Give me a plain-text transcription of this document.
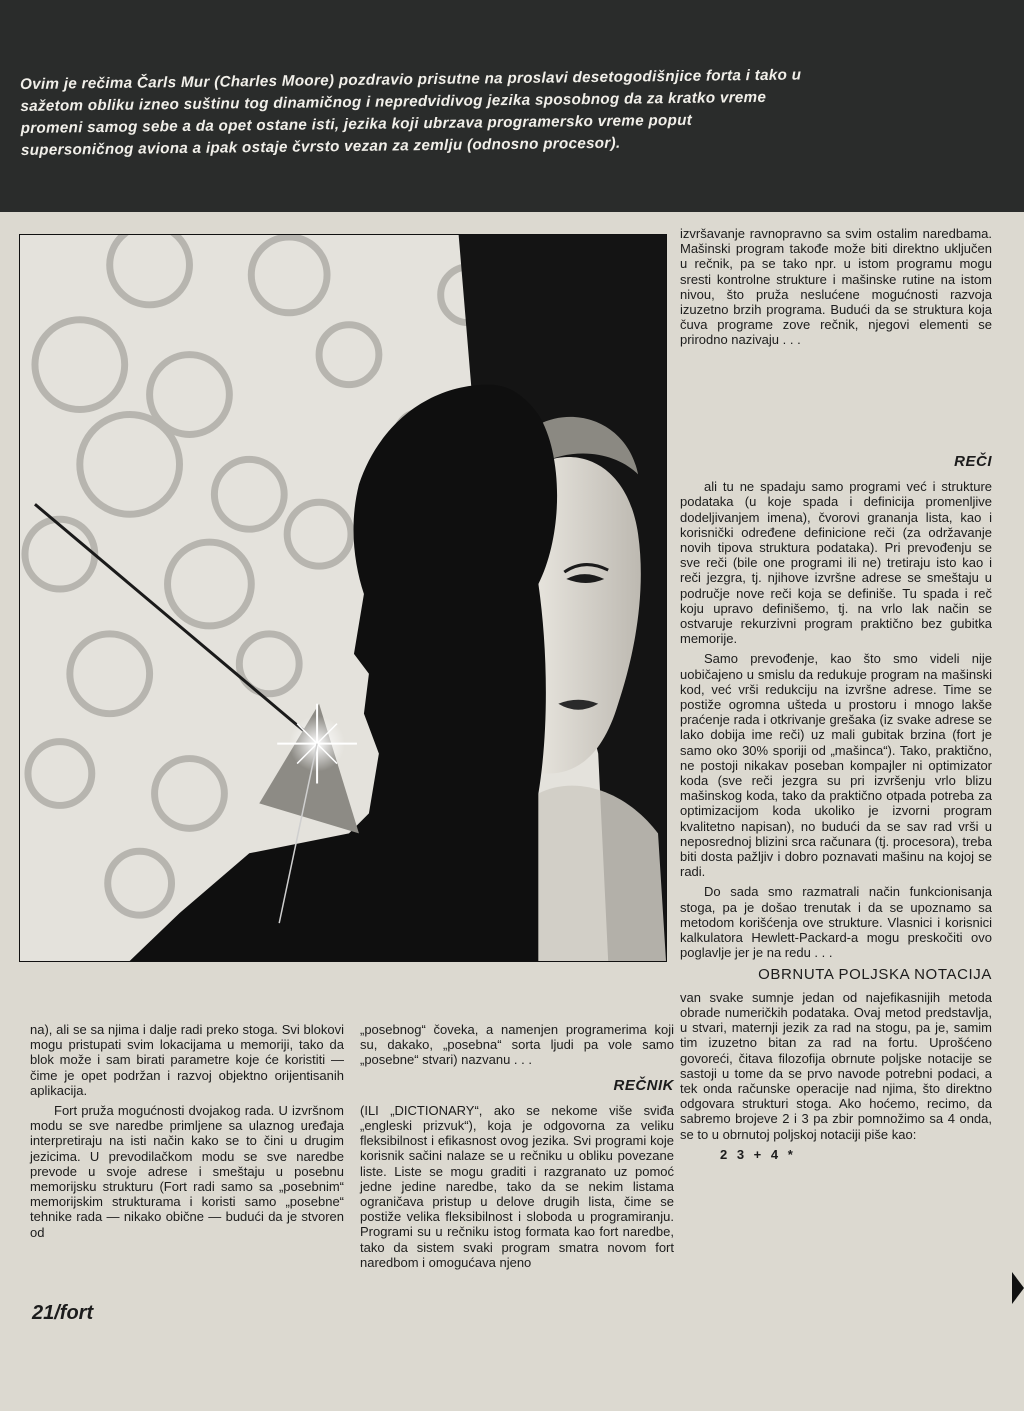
Ovim je rečima Čarls Mur (Charles Moore) pozdravio prisutne na proslavi desetogodišnjice forta i tako u
sažetom obliku izneo suštinu tog dinamičnog i nepredvidivog jezika sposobnog da za kratko vreme
promeni samog sebe a da opet ostane isti, jezika koji ubrzava programersko vreme poput
supersoničnog aviona a ipak ostaje čvrsto vezan za zemlju (odnosno procesor).

izvršavanje ravnopravno sa svim ostalim naredbama. Mašinski program takođe može biti direktno uključen u rečnik, pa se tako npr. u istom programu mogu sresti kontrolne strukture i mašinske rutine na istom nivou, što pruža neslućene mogućnosti razvoja izuzetno brzih programa. Budući da se struktura koja čuva programe zove rečnik, njegovi elementi se prirodno nazivaju . . .

REČI

ali tu ne spadaju samo programi već i strukture podataka (u koje spada i definicija promenljive dodeljivanjem imena), čvorovi grananja lista, kao i korisnički određene definicione reči (za održavanje novih tipova struktura podataka). Pri prevođenju se sve reči (bile one programi ili ne) tretiraju isto kao i reči jezgra, tj. njihove izvršne adrese se smeštaju u područje nove reči koja se definiše. Tu spada i reč koju upravo definišemo, tj. na vrlo lak način se ostvaruje rekurzivni program praktično bez gubitka memorije.

Samo prevođenje, kao što smo videli nije uobičajeno u smislu da redukuje program na mašinski kod, već vrši redukciju na izvršne adrese. Time se postiže ogromna ušteda u prostoru i mnogo lakše praćenje rada i otkrivanje grešaka (iz svake adrese se lako dobija ime reči) uz mali gubitak brzina (fort je samo oko 30% sporiji od „mašinca“). Tako, praktično, ne postoji nikakav poseban kompajler ni optimizator koda (sve reči jezgra su pri izvršenju vrlo blizu mašinskog koda, tako da praktično otpada potreba za optimizacijom koda ukoliko je izvorni program kvalitetno napisan), no budući da se sav rad vrši u neposrednoj blizini srca računara (tj. procesora), treba biti dosta pažljiv i dobro poznavati mašinu na kojoj se radi.

Do sada smo razmatrali način funkcionisanja stoga, pa je došao trenutak i da se upoznamo sa metodom korišćenja ove strukture. Vlasnici i korisnici kalkulatora Hewlett-Packard-a mogu preskočiti ovo poglavlje jer je na redu . . .

OBRNUTA POLJSKA NOTACIJA

van svake sumnje jedan od najefikasnijih metoda obrade numeričkih podataka. Ovaj metod predstavlja, u stvari, maternji jezik za rad na stogu, pa je, samim tim izuzetno bitan za rad na fortu. Uprošćeno govoreći, čitava filozofija obrnute poljske notacije se sastoji u tome da se prvo navode potrebni podaci, a tek onda računske operacije nad njima, što direktno odgovara strukturi stoga. Ako hoćemo, recimo, da sabremo brojeve 2 i 3 pa zbir pomnožimo sa 4 onda, se to u obrnutoj poljskoj notaciji piše kao:

2 3 + 4 *

na), ali se sa njima i dalje radi preko stoga. Svi blokovi mogu pristupati svim lokacijama u memoriji, tako da blok može i sam birati parametre koje će koristiti — čime je opet podržan i razvoj objektno orijentisanih aplikacija.

Fort pruža mogućnosti dvojakog rada. U izvršnom modu se sve naredbe primljene sa ulaznog uređaja interpretiraju na isti način kako se to čini u drugim jezicima. U prevodilačkom modu se sve naredbe prevode u svoje adrese i smeštaju u posebnu memorijsku strukturu (Fort radi samo sa „posebnim“ memorijskim strukturama i koristi samo „posebne“ tehnike rada — nikako obične — budući da je stvoren od

„posebnog“ čoveka, a namenjen programerima koji su, dakako, „posebna“ sorta ljudi pa vole samo „posebne“ stvari) nazvanu . . .

REČNIK

(ILI „DICTIONARY“, ako se nekome više sviđa „engleski prizvuk“), koja je odgovorna za veliku fleksibilnost i efikasnost ovog jezika. Svi programi koje korisnik sačini nalaze se u rečniku u obliku povezane liste. Liste se mogu graditi i razgranato uz pomoć jedne jedine naredbe, tako da se nekim listama ograničava pristup u delove drugih lista, čime se postiže velika fleksibilnost i sloboda u programiranju. Programi su u rečniku istog formata kao fort naredbe, tako da sistem svaki program smatra novom fort naredbom i omogućava njeno

21/fort
